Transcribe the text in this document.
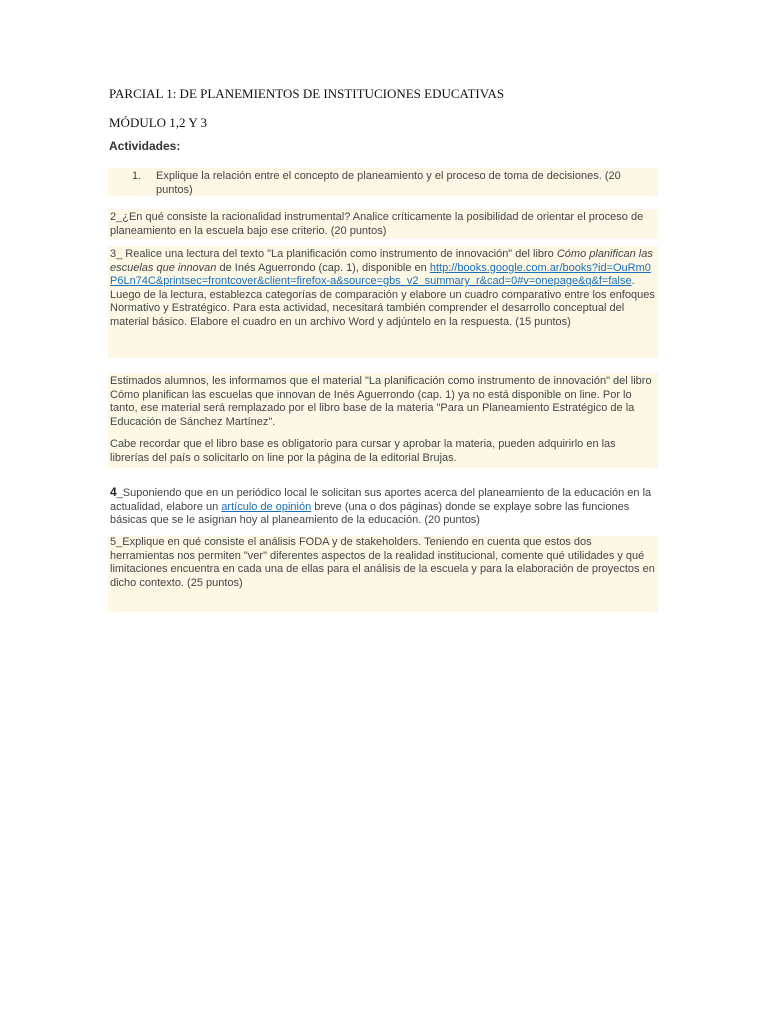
PARCIAL 1: DE PLANEMIENTOS DE INSTITUCIONES EDUCATIVAS
MÓDULO 1,2 Y 3
Actividades:
1. Explique la relación entre el concepto de planeamiento y el proceso de toma de decisiones. (20 puntos)

2_¿En qué consiste la racionalidad instrumental? Analice críticamente la posibilidad de orientar el proceso de planeamiento en la escuela bajo ese criterio. (20 puntos)

3_ Realice una lectura del texto "La planificación como instrumento de innovación" del libro Cómo planifican las escuelas que innovan de Inés Aguerrondo (cap. 1), disponible en http://books.google.com.ar/books?id=OuRm0P6Ln74C&printsec=frontcover&client=firefox-a&source=gbs_v2_summary_r&cad=0#v=onepage&q&f=false. Luego de la lectura, establezca categorías de comparación y elabore un cuadro comparativo entre los enfoques Normativo y Estratégico. Para esta actividad, necesitará también comprender el desarrollo conceptual del material básico. Elabore el cuadro en un archivo Word y adjúntelo en la respuesta. (15 puntos)

Estimados alumnos, les informamos que el material "La planificación como instrumento de innovación" del libro Cómo planifican las escuelas que innovan de Inés Aguerrondo (cap. 1) ya no está disponible on line. Por lo tanto, ese material será remplazado por el libro base de la materia "Para un Planeamiento Estratégico de la Educación de Sánchez Martínez".

Cabe recordar que el libro base es obligatorio para cursar y aprobar la materia, pueden adquirirlo en las librerías del país o solicitarlo on line por la página de la editorial Brujas.

4_Suponiendo que en un periódico local le solicitan sus aportes acerca del planeamiento de la educación en la actualidad, elabore un artículo de opinión breve (una o dos páginas) donde se explaye sobre las funciones básicas que se le asignan hoy al planeamiento de la educación. (20 puntos)

5_Explique en qué consiste el análisis FODA y de stakeholders. Teniendo en cuenta que estos dos herramientas nos permiten "ver" diferentes aspectos de la realidad institucional, comente qué utilidades y qué limitaciones encuentra en cada una de ellas para el análisis de la escuela y para la elaboración de proyectos en dicho contexto. (25 puntos)
